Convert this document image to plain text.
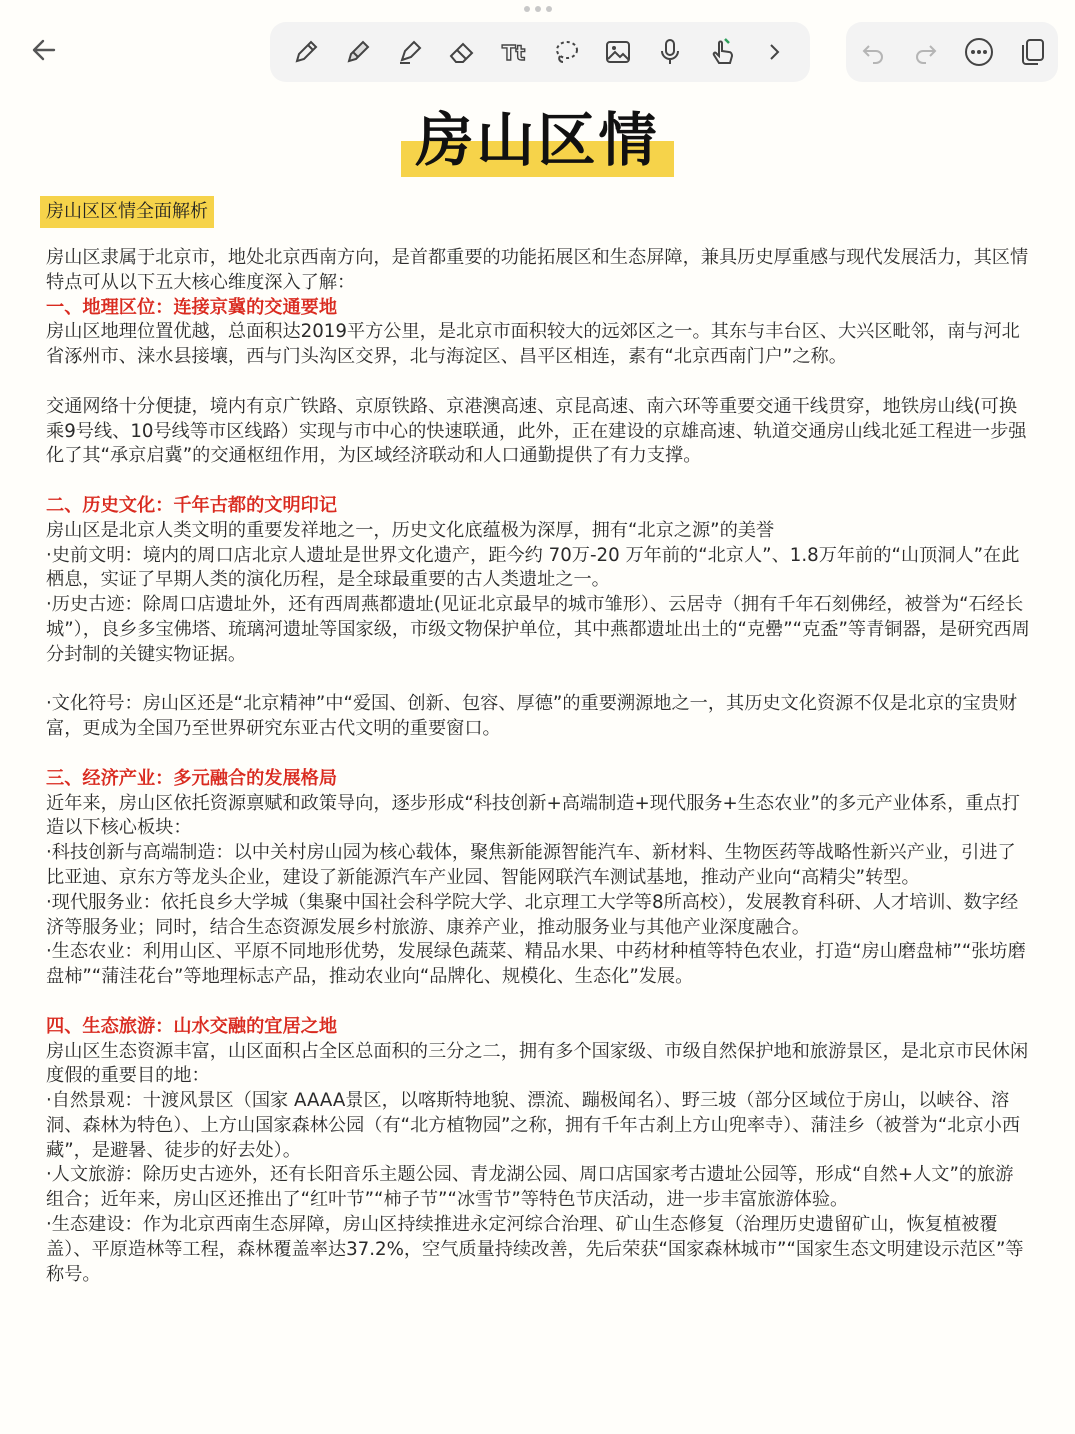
Tt
房山区情
房山区区情全面解析

房山区隶属于北京市，地处北京西南方向，是首都重要的功能拓展区和生态屏障，兼具历史厚重感与现代发展活力，其区情特点可从以下五大核心维度深入了解：

一、地理区位：连接京冀的交通要地

房山区地理位置优越，总面积达2019平方公里，是北京市面积较大的远郊区之一。其东与丰台区、大兴区毗邻，南与河北省涿州市、涞水县接壤，西与门头沟区交界，北与海淀区、昌平区相连，素有“北京西南门户”之称。

交通网络十分便捷，境内有京广铁路、京原铁路、京港澳高速、京昆高速、南六环等重要交通干线贯穿，地铁房山线(可换乘9号线、10号线等市区线路）实现与市中心的快速联通，此外，正在建设的京雄高速、轨道交通房山线北延工程进一步强化了其“承京启冀”的交通枢纽作用，为区域经济联动和人口通勤提供了有力支撑。

二、历史文化：千年古都的文明印记

房山区是北京人类文明的重要发祥地之一，历史文化底蕴极为深厚，拥有“北京之源”的美誉

·史前文明：境内的周口店北京人遗址是世界文化遗产，距今约 70万-20 万年前的“北京人”、1.8万年前的“山顶洞人”在此栖息，实证了早期人类的演化历程，是全球最重要的古人类遗址之一。

·历史古迹：除周口店遗址外，还有西周燕都遗址(见证北京最早的城市雏形）、云居寺（拥有千年石刻佛经，被誉为“石经长城”），良乡多宝佛塔、琉璃河遗址等国家级，市级文物保护单位，其中燕都遗址出土的“克罍”“克盉”等青铜器，是研究西周分封制的关键实物证据。

·文化符号：房山区还是“北京精神”中“爱国、创新、包容、厚德”的重要溯源地之一，其历史文化资源不仅是北京的宝贵财富，更成为全国乃至世界研究东亚古代文明的重要窗口。

三、经济产业：多元融合的发展格局

近年来，房山区依托资源禀赋和政策导向，逐步形成“科技创新+高端制造+现代服务+生态农业”的多元产业体系，重点打造以下核心板块：

·科技创新与高端制造：以中关村房山园为核心载体，聚焦新能源智能汽车、新材料、生物医药等战略性新兴产业，引进了比亚迪、京东方等龙头企业，建设了新能源汽车产业园、智能网联汽车测试基地，推动产业向“高精尖”转型。

·现代服务业：依托良乡大学城（集聚中国社会科学院大学、北京理工大学等8所高校），发展教育科研、人才培训、数字经济等服务业；同时，结合生态资源发展乡村旅游、康养产业，推动服务业与其他产业深度融合。

·生态农业：利用山区、平原不同地形优势，发展绿色蔬菜、精品水果、中药材种植等特色农业，打造“房山磨盘柿”“张坊磨盘柿”“蒲洼花台”等地理标志产品，推动农业向“品牌化、规模化、生态化”发展。

四、生态旅游：山水交融的宜居之地

房山区生态资源丰富，山区面积占全区总面积的三分之二，拥有多个国家级、市级自然保护地和旅游景区，是北京市民休闲度假的重要目的地：

·自然景观：十渡风景区（国家 AAAA景区，以喀斯特地貌、漂流、蹦极闻名）、野三坡（部分区域位于房山，以峡谷、溶洞、森林为特色）、上方山国家森林公园（有“北方植物园”之称，拥有千年古刹上方山兜率寺）、蒲洼乡（被誉为“北京小西藏”，是避暑、徒步的好去处）。

·人文旅游：除历史古迹外，还有长阳音乐主题公园、青龙湖公园、周口店国家考古遗址公园等，形成“自然+人文”的旅游组合；近年来，房山区还推出了“红叶节”“柿子节”“冰雪节”等特色节庆活动，进一步丰富旅游体验。

·生态建设：作为北京西南生态屏障，房山区持续推进永定河综合治理、矿山生态修复（治理历史遗留矿山，恢复植被覆盖）、平原造林等工程，森林覆盖率达37.2%，空气质量持续改善，先后荣获“国家森林城市”“国家生态文明建设示范区”等称号。
